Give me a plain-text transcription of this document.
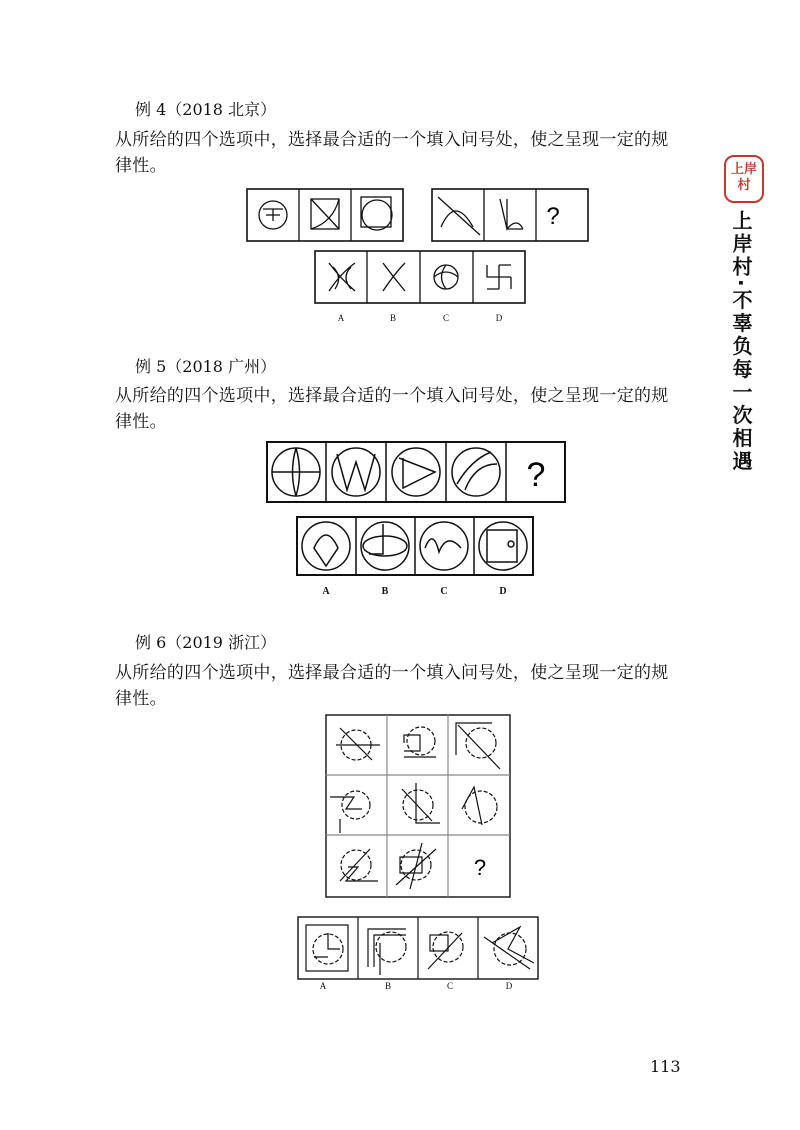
上岸村
上岸村·不辜负每一次相遇
例 4（2018 北京）
从所给的四个选项中，选择最合适的一个填入问号处，使之呈现一定的规律性。
?
A	B	C	D
例 5（2018 广州）
从所给的四个选项中，选择最合适的一个填入问号处，使之呈现一定的规律性。
?
A	B	C	D
例 6（2019 浙江）
从所给的四个选项中，选择最合适的一个填入问号处，使之呈现一定的规律性。
?
A	B	C	D
113
